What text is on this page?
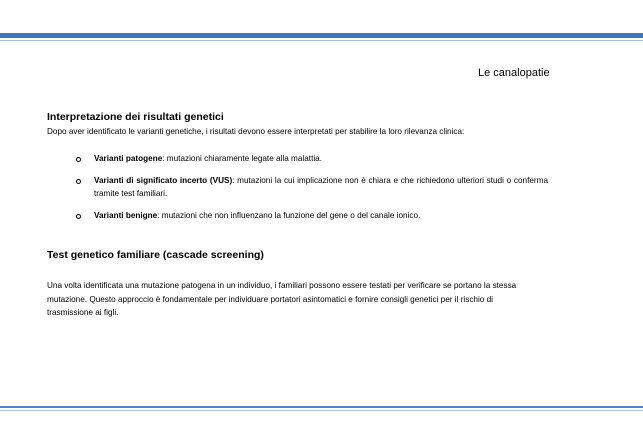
Le canalopatie
Interpretazione dei risultati genetici
Dopo aver identificato le varianti genetiche, i risultati devono essere interpretati per stabilire la loro rilevanza clinica:
Varianti patogene: mutazioni chiaramente legate alla malattia.
Varianti di significato incerto (VUS): mutazioni la cui implicazione non è chiara e che richiedono ulteriori studi o conferma tramite test familiari.
Varianti benigne: mutazioni che non influenzano la funzione del gene o del canale ionico.
Test genetico familiare (cascade screening)
Una volta identificata una mutazione patogena in un individuo, i familiari possono essere testati per verificare se portano la stessa mutazione. Questo approccio è fondamentale per individuare portatori asintomatici e fornire consigli genetici per il rischio di trasmissione ai figli.
